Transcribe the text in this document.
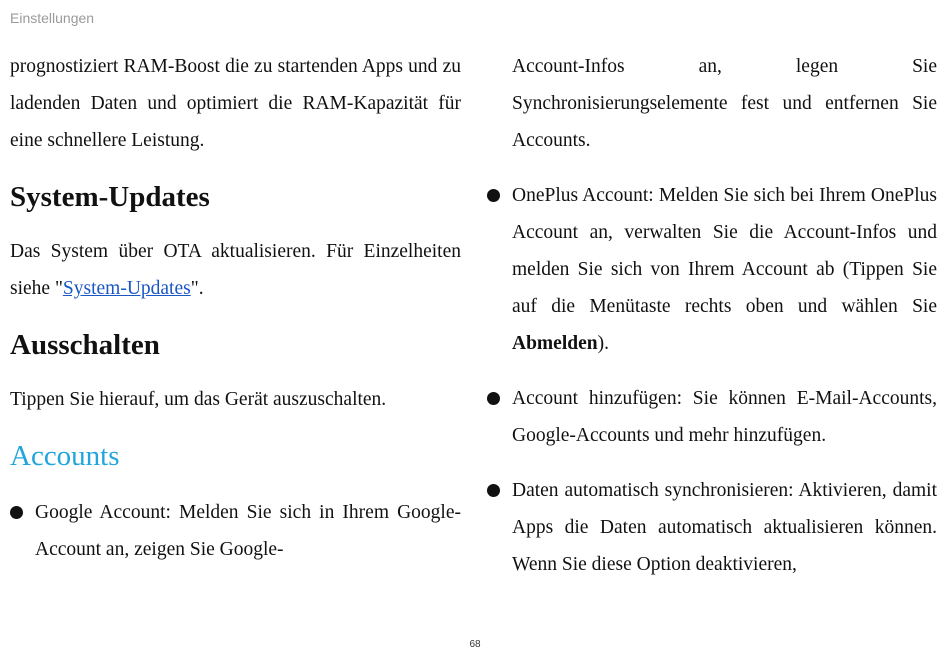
Einstellungen

prognostiziert RAM-Boost die zu startenden Apps und zu ladenden Daten und optimiert die RAM-Kapazität für eine schnellere Leistung.

System-Updates

Das System über OTA aktualisieren. Für Einzelheiten siehe "System-Updates".

Ausschalten

Tippen Sie hierauf, um das Gerät auszuschalten.

Accounts
Google Account: Melden Sie sich in Ihrem Google-Account an, zeigen Sie Google-
Account-Infos an, legen Sie Synchronisierungselemente fest und entfernen Sie Accounts.
OnePlus Account: Melden Sie sich bei Ihrem OnePlus Account an, verwalten Sie die Account-Infos und melden Sie sich von Ihrem Account ab (Tippen Sie auf die Menütaste rechts oben und wählen Sie Abmelden).
Account hinzufügen: Sie können E-Mail-Accounts, Google-Accounts und mehr hinzufügen.
Daten automatisch synchronisieren: Aktivieren, damit Apps die Daten automatisch aktualisieren können. Wenn Sie diese Option deaktivieren,
68
